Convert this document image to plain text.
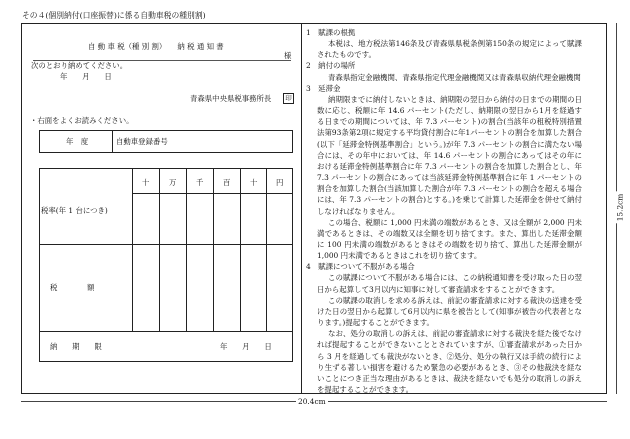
その４(個別納付(口座振替)に係る自動車税の種別割)
自 動 車 税（種 別 割）　　納 税 通 知 書
様
次のとおり納めてください。
年　　月　　日
青森県中央県税事務所長	印
・右面をよくお読みください。
年　度	自動車登録番号
十	万	千	百	十	円
税率(年 1 台につき)
税　　　　額
納　　期　　限	年　　月　　日

1　賦課の根拠

本税は、地方税法第146条及び青森県県税条例第150条の規定によって賦課されたものです。

2　納付の場所

青森県指定金融機関、青森県指定代理金融機関又は青森県収納代理金融機関

3　延滞金

納期限までに納付しないときは、納期限の翌日から納付の日までの期間の日数に応じ、税額に年 14.6 パーセント(ただし、納期限の翌日から1月を経過する日までの期間については、年 7.3 パーセント)の割合(当該年の租税特別措置法第93条第2項に規定する平均貸付割合に年1パーセントの割合を加算した割合(以下「延滞金特例基準割合」という。)が年 7.3 パーセントの割合に満たない場合には、その年中においては、年 14.6 パーセントの割合にあってはその年における延滞金特例基準割合に年 7.3 パーセントの割合を加算した割合とし、年 7.3 パーセントの割合にあっては当該延滞金特例基準割合に年 1 パーセントの割合を加算した割合(当該加算した割合が年 7.3 パーセントの割合を超える場合には、年 7.3 パーセントの割合)とする。)を乗じて計算した延滞金を併せて納付しなければなりません。

この場合、税額に 1,000 円未満の端数があるとき、又は全額が 2,000 円未満であるときは、その端数又は全額を切り捨てます。また、算出した延滞金額に 100 円未満の端数があるときはその端数を切り捨て、算出した延滞金額が 1,000 円未満であるときはこれを切り捨てます。

4　賦課について不服がある場合

この賦課について不服がある場合には、この納税通知書を受け取った日の翌日から起算して3月以内に知事に対して審査請求をすることができます。

この賦課の取消しを求める訴えは、前記の審査請求に対する裁決の送達を受けた日の翌日から起算して6月以内に県を被告として(知事が被告の代表者となります。)提起することができます。

なお、処分の取消しの訴えは、前記の審査請求に対する裁決を経た後でなければ提起することができないこととされていますが、①審査請求があった日から 3 月を経過しても裁決がないとき、②処分、処分の執行又は手続の続行により生ずる著しい損害を避けるため緊急の必要があるとき、③その他裁決を経ないことにつき正当な理由があるときは、裁決を経ないでも処分の取消しの訴えを提起することができます。

20.4cm
15.2cm
